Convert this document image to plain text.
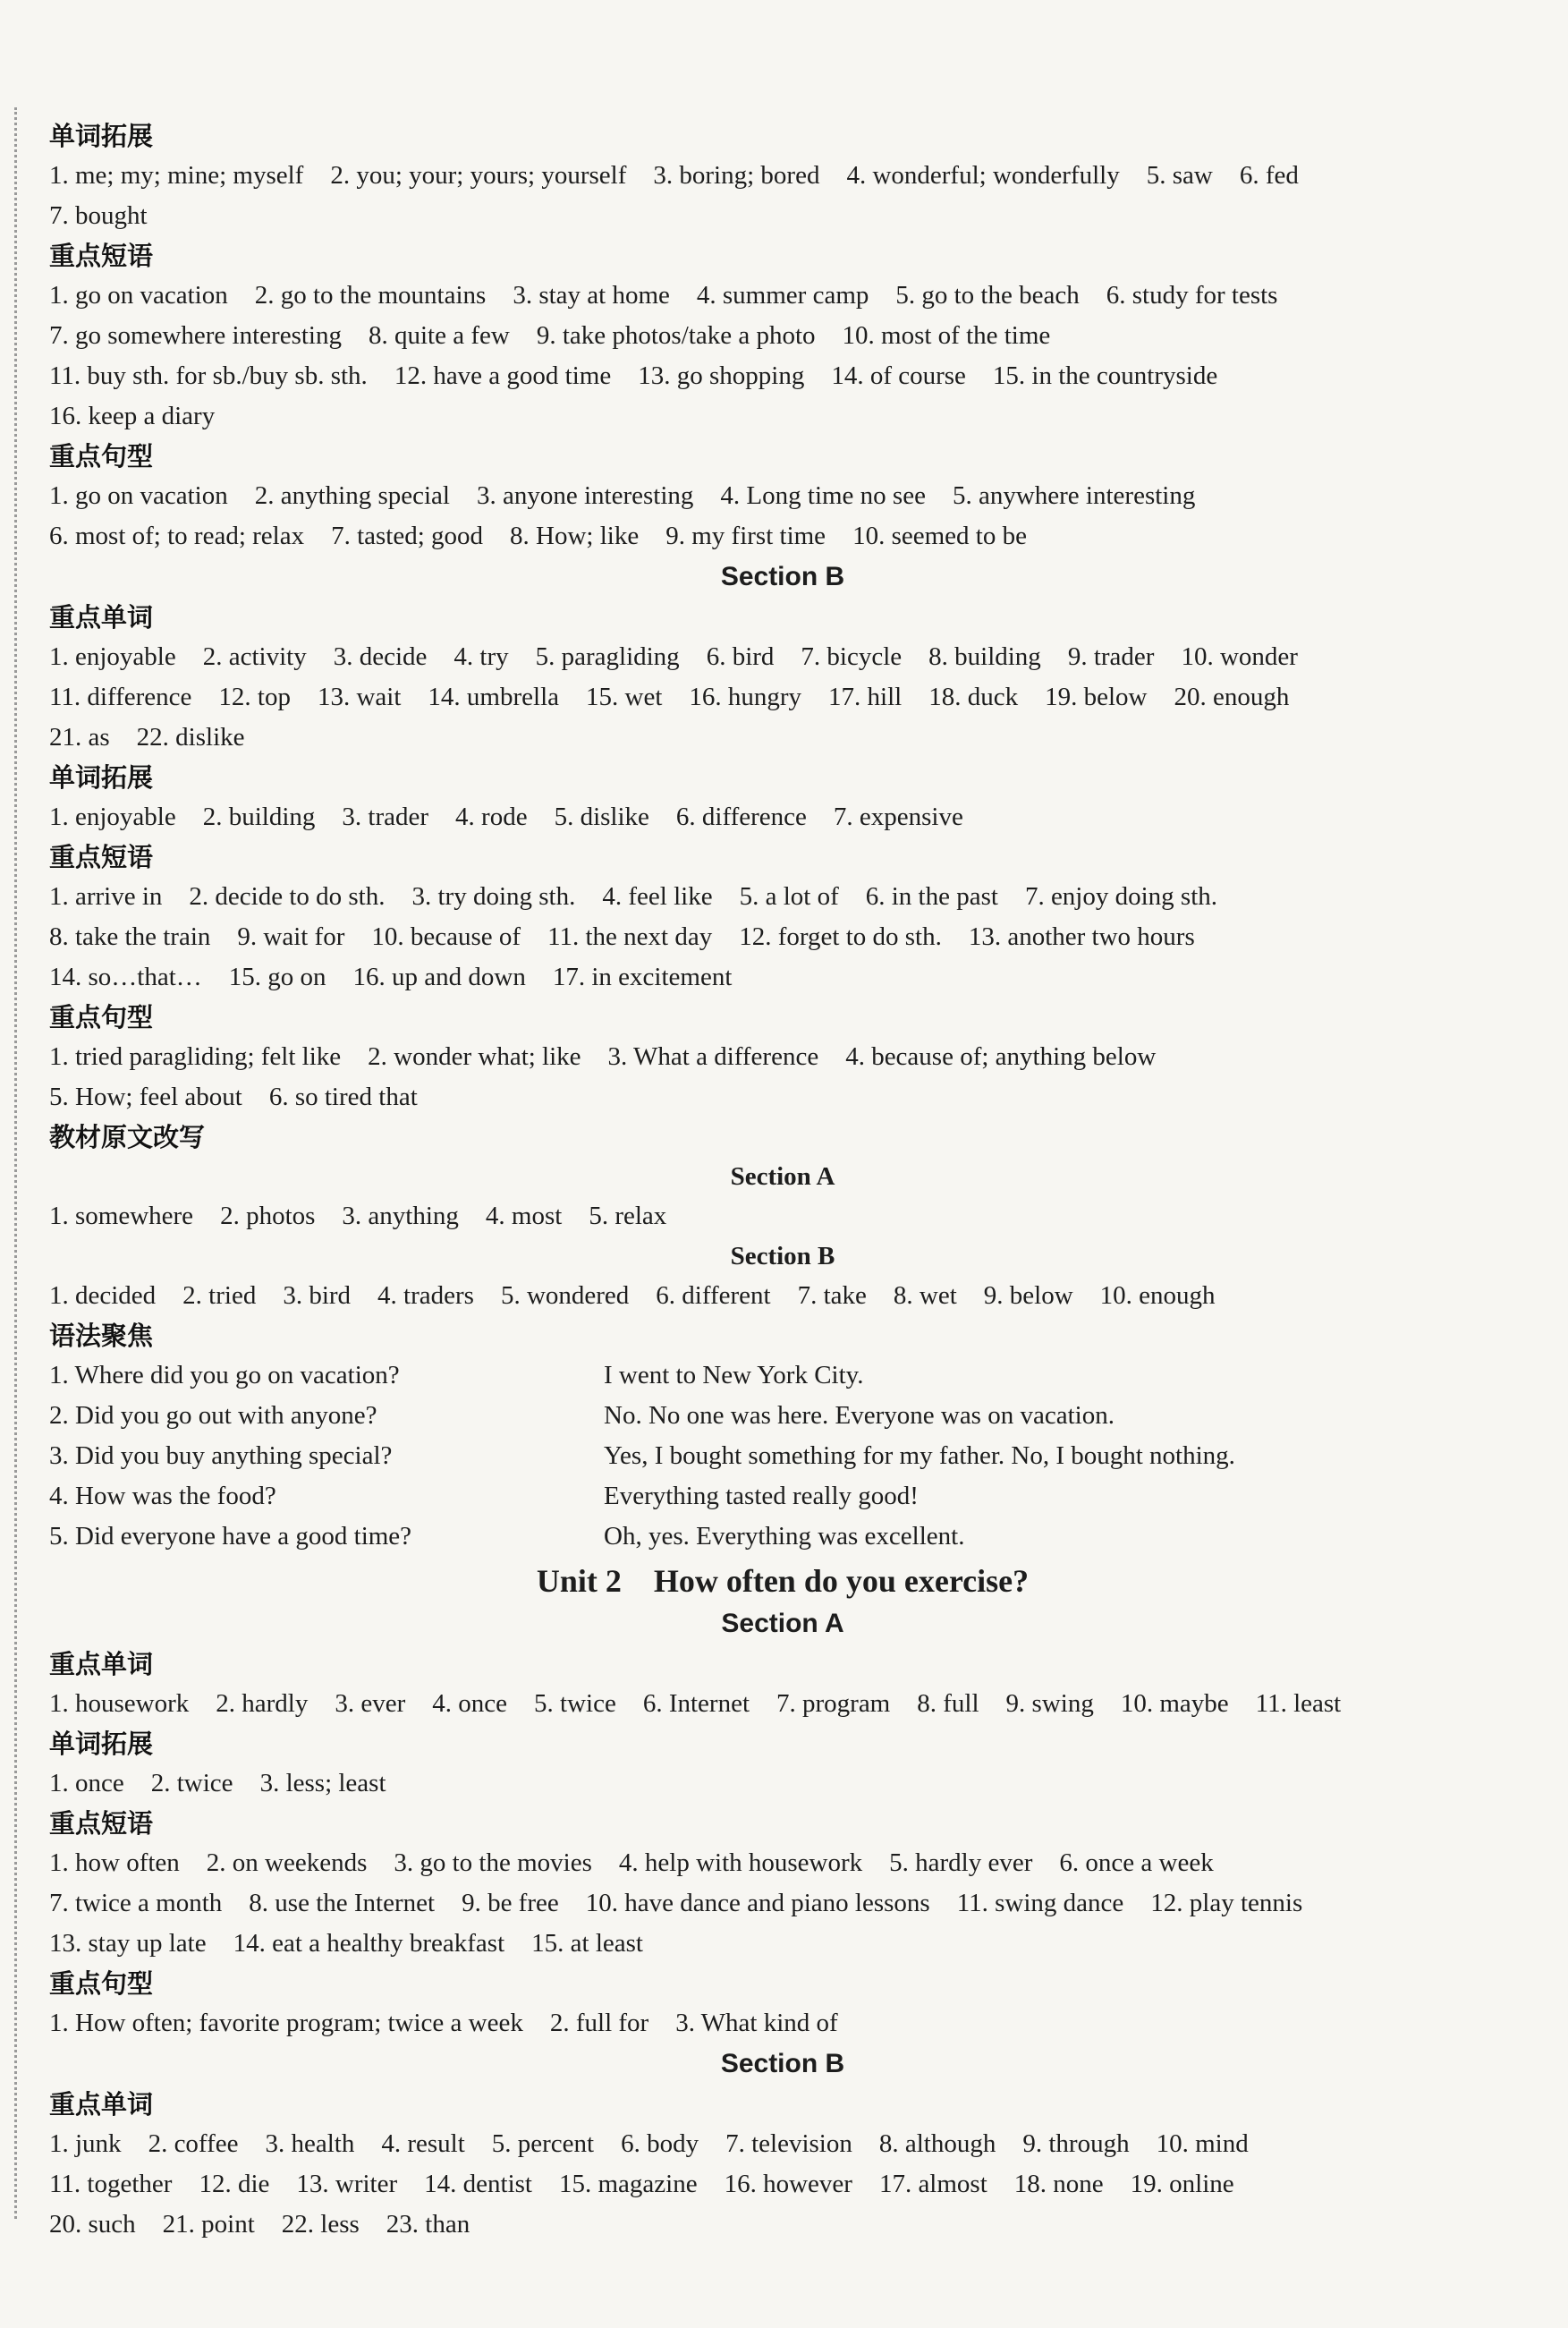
单词拓展
1. me; my; mine; myself 2. you; your; yours; yourself 3. boring; bored 4. wonderful; wonderfully 5. saw 6. fed
7. bought
重点短语
1. go on vacation 2. go to the mountains 3. stay at home 4. summer camp 5. go to the beach 6. study for tests
7. go somewhere interesting 8. quite a few 9. take photos/take a photo 10. most of the time
11. buy sth. for sb./buy sb. sth. 12. have a good time 13. go shopping 14. of course 15. in the countryside
16. keep a diary
重点句型
1. go on vacation 2. anything special 3. anyone interesting 4. Long time no see 5. anywhere interesting
6. most of; to read; relax 7. tasted; good 8. How; like 9. my first time 10. seemed to be
Section B
重点单词
1. enjoyable 2. activity 3. decide 4. try 5. paragliding 6. bird 7. bicycle 8. building 9. trader 10. wonder
11. difference 12. top 13. wait 14. umbrella 15. wet 16. hungry 17. hill 18. duck 19. below 20. enough
21. as 22. dislike
单词拓展
1. enjoyable 2. building 3. trader 4. rode 5. dislike 6. difference 7. expensive
重点短语
1. arrive in 2. decide to do sth. 3. try doing sth. 4. feel like 5. a lot of 6. in the past 7. enjoy doing sth.
8. take the train 9. wait for 10. because of 11. the next day 12. forget to do sth. 13. another two hours
14. so…that… 15. go on 16. up and down 17. in excitement
重点句型
1. tried paragliding; felt like 2. wonder what; like 3. What a difference 4. because of; anything below
5. How; feel about 6. so tired that
教材原文改写
Section A
1. somewhere 2. photos 3. anything 4. most 5. relax
Section B
1. decided 2. tried 3. bird 4. traders 5. wondered 6. different 7. take 8. wet 9. below 10. enough
语法聚焦
1. Where did you go on vacation?	I went to New York City.
2. Did you go out with anyone?	No. No one was here. Everyone was on vacation.
3. Did you buy anything special?	Yes, I bought something for my father. No, I bought nothing.
4. How was the food?	Everything tasted really good!
5. Did everyone have a good time?	Oh, yes. Everything was excellent.
Unit 2    How often do you exercise?
Section A
重点单词
1. housework 2. hardly 3. ever 4. once 5. twice 6. Internet 7. program 8. full 9. swing 10. maybe 11. least
单词拓展
1. once 2. twice 3. less; least
重点短语
1. how often 2. on weekends 3. go to the movies 4. help with housework 5. hardly ever 6. once a week
7. twice a month 8. use the Internet 9. be free 10. have dance and piano lessons 11. swing dance 12. play tennis
13. stay up late 14. eat a healthy breakfast 15. at least
重点句型
1. How often; favorite program; twice a week 2. full for 3. What kind of
Section B
重点单词
1. junk 2. coffee 3. health 4. result 5. percent 6. body 7. television 8. although 9. through 10. mind
11. together 12. die 13. writer 14. dentist 15. magazine 16. however 17. almost 18. none 19. online
20. such 21. point 22. less 23. than
